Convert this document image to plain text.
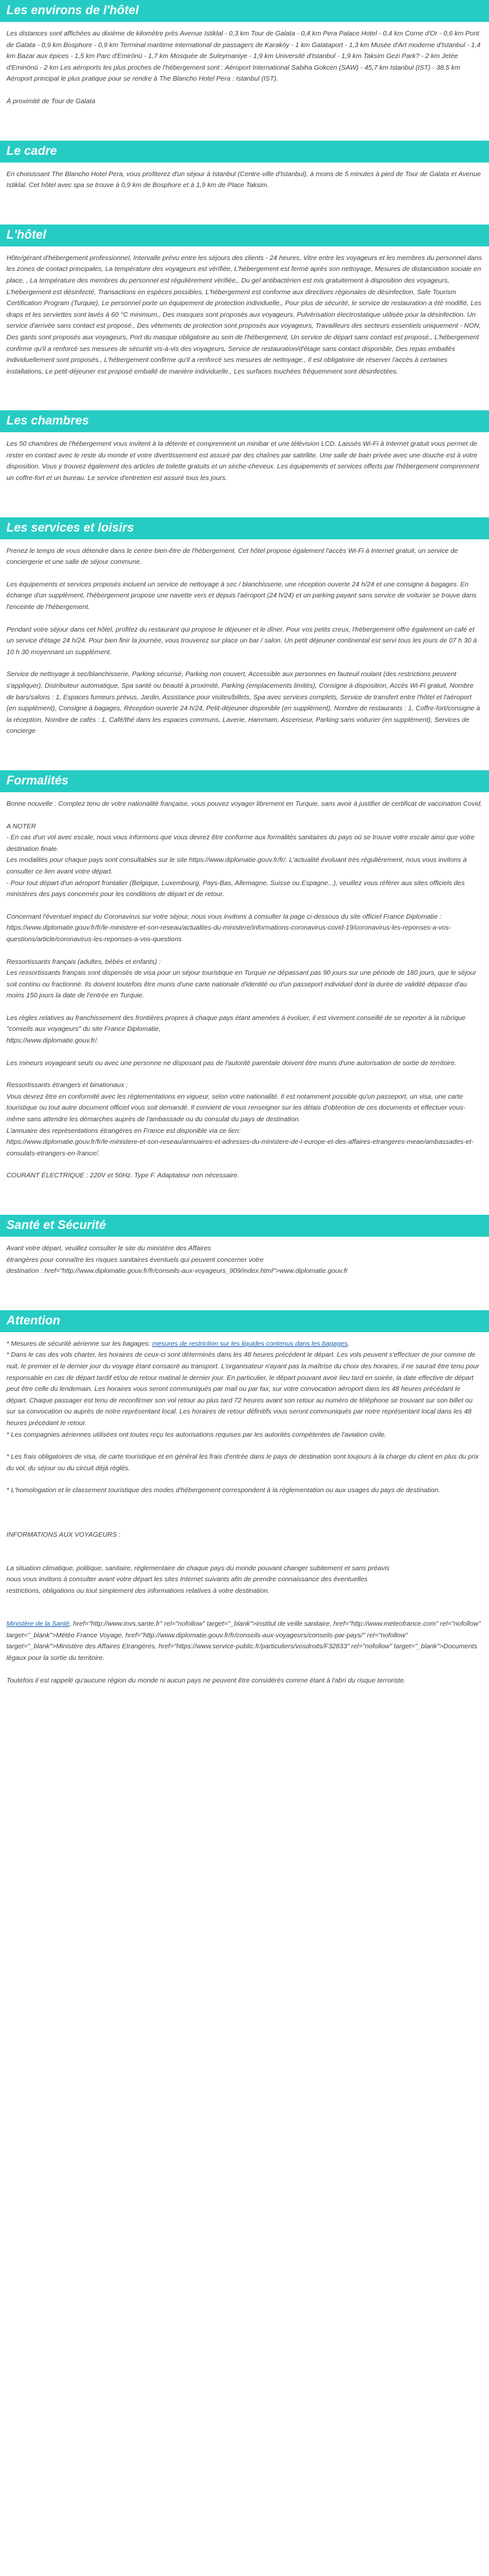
Les environs de l'hôtel

Les distances sont affichées au dixième de kilomètre près Avenue Istiklal - 0,3 km Tour de Galata - 0,4 km Pera Palace Hotel - 0,4 km Corne d'Or - 0,6 km Pont de Galata - 0,9 km Bosphore - 0,9 km Terminal maritime international de passagers de Karaköy - 1 km Galataport - 1,3 km Musée d'Art moderne d'Istanbul - 1,4 km Bazar aux épices - 1,5 km Parc d'Emirönü - 1,7 km Mosquée de Suleymaniye - 1,9 km Université d'Istanbul - 1,9 km Taksim Gezi Park? - 2 km Jetée d'Eminönü - 2 km Les aéroports les plus proches de l'hébergement sont : Aéroport International Sabiha Gokcen (SAW) - 45,7 km Istanbul (IST) - 38,5 km Aéroport principal le plus pratique pour se rendre à The Blancho Hotel Pera : Istanbul (IST).

À proximité de Tour de Galata

Le cadre

En choisissant The Blancho Hotel Pera, vous profiterez d'un séjour à Istanbul (Centre-ville d'Istanbul), à moins de 5 minutes à pied de Tour de Galata et Avenue Istiklal. Cet hôtel avec spa se trouve à 0,9 km de Bosphore et à 1,9 km de Place Taksim.

L'hôtel

Hôte/gérant d'hébergement professionnel, Intervalle prévu entre les séjours des clients - 24 heures, Vitre entre les voyageurs et les membres du personnel dans les zones de contact principales, La température des voyageurs est vérifiée, L'hébergement est fermé après son nettoyage, Mesures de distanciation sociale en place, , La température des membres du personnel est régulièrement vérifiée,, Du gel antibactérien est mis gratuitement à disposition des voyageurs, L'hébergement est désinfecté, Transactions en espèces possibles, L'hébergement est conforme aux directives régionales de désinfection, Safe Tourism Certification Program (Turquie), Le personnel porte un équipement de protection individuelle,, Pour plus de sécurité, le service de restauration a été modifié, Les draps et les serviettes sont lavés à 60 °C minimum,, Des masques sont proposés aux voyageurs, Pulvérisation électrostatique utilisée pour la désinfection. Un service d'arrivée sans contact est proposé., Des vêtements de protection sont proposés aux voyageurs, Travailleurs des secteurs essentiels uniquement - NON, Des gants sont proposés aux voyageurs, Port du masque obligatoire au sein de l'hébergement, Un service de départ sans contact est proposé., L'hébergement confirme qu'il a renforcé ses mesures de sécurité vis-à-vis des voyageurs, Service de restauration/d'étage sans contact disponible, Des repas emballés individuellement sont proposés., L'hébergement confirme qu'il a renforcé ses mesures de nettoyage., Il est obligatoire de réserver l'accès à certaines installations, Le petit-déjeuner est proposé emballé de manière individuelle., Les surfaces touchées fréquemment sont désinfectées.

Les chambres

Les 50 chambres de l'hébergement vous invitent à la détente et comprennent un minibar et une télévision LCD. Laissés Wi-Fi à Internet gratuit vous permet de rester en contact avec le reste du monde et votre divertissement est assuré par des chaînes par satellite. Une salle de bain privée avec une douche est à votre disposition. Vous y trouvez également des articles de toilette gratuits et un sèche-cheveux. Les équipements et services offerts par l'hébergement comprennent un coffre-fort et un bureau. Le service d'entretien est assuré tous les jours.

Les services et loisirs

Prenez le temps de vous détendre dans le centre bien-être de l'hébergement. Cet hôtel propose également l'accès Wi-Fi à Internet gratuit, un service de conciergerie et une salle de séjour commune.

Les équipements et services proposés incluent un service de nettoyage à sec / blanchisserie, une réception ouverte 24 h/24 et une consigne à bagages. En échange d'un supplément, l'hébergement propose une navette vers et depuis l'aéroport (24 h/24) et un parking payant sans service de voiturier se trouve dans l'enceinte de l'hébergement.

Pendant votre séjour dans cet hôtel, profitez du restaurant qui propose le déjeuner et le dîner. Pour vos petits creux, l'hébergement offre également un café et un service d'étage 24 h/24. Pour bien finir la journée, vous trouverez sur place un bar / salon. Un petit déjeuner continental est servi tous les jours de 07 h 30 à 10 h 30 moyennant un supplément.

Service de nettoyage à sec/blanchisserie, Parking sécurisé, Parking non couvert, Accessible aux personnes en fauteuil roulant (des restrictions peuvent s'appliquer), Distributeur automatique, Spa santé ou beauté à proximité, Parking (emplacements limités), Consigne à disposition, Accès Wi-Fi gratuit, Nombre de bars/salons : 1, Espaces fumeurs prévus, Jardin, Assistance pour visites/billets, Spa avec services complets, Service de transfert entre l'hôtel et l'aéroport (en supplément), Consigne à bagages, Réception ouverte 24 h/24, Petit-déjeuner disponible (en supplément), Nombre de restaurants : 1, Coffre-fort/consigne à la réception, Nombre de cafés : 1, Café/thé dans les espaces communs, Laverie, Hammam, Ascenseur, Parking sans voiturier (en supplément), Services de concierge

Formalités

Bonne nouvelle : Comptez tenu de votre nationalité française, vous pouvez voyager librement en Turquie, sans avoir à justifier de certificat de vaccination Covid.

A NOTER
- En cas d'un vol avec escale, nous vous informons que vous devrez être conforme aux formalités sanitaires du pays où se trouve votre escale ainsi que votre destination finale.
Les modalités pour chaque pays sont consultables sur le site https://www.diplomatie.gouv.fr/fr/. L'actualité évoluant très régulièrement, nous vous invitons à consulter ce lien avant votre départ.
- Pour tout départ d'un aéroport frontalier (Belgique, Luxembourg, Pays-Bas, Allemagne, Suisse ou Espagne...), veuillez vous référer aux sites officiels des ministères des pays concernés pour les conditions de départ et de retour.

Concernant l'éventuel impact du Coronavirus sur votre séjour, nous vous invitons à consulter la page ci-dessous du site officiel France Diplomatie :
https://www.diplomatie.gouv.fr/fr/le-ministere-et-son-reseau/actualites-du-ministere/informations-coronavirus-covid-19/coronavirus-les-reponses-a-vos-questions/article/coronavirus-les-reponses-a-vos-questions

Ressortissants français (adultes, bébés et enfants) :
Les ressortissants français sont dispensés de visa pour un séjour touristique en Turquie ne dépassant pas 90 jours sur une période de 180 jours, que le séjour soit continu ou fractionné. Ils doivent toutefois être munis d'une carte nationale d'identité ou d'un passeport individuel dont la durée de validité dépasse d'au moins 150 jours la date de l'entrée en Turquie.

Les règles relatives au franchissement des frontières propres à chaque pays étant amenées à évoluer, il est vivement conseillé de se reporter à la rubrique "conseils aux voyageurs" du site France Diplomatie,
https://www.diplomatie.gouv.fr/.

Les mineurs voyageant seuls ou avec une personne ne disposant pas de l'autorité parentale doivent être munis d'une autorisation de sortie de territoire.

Ressortissants étrangers et binationaux :
Vous devrez être en conformité avec les réglementations en vigueur, selon votre nationalité. Il est notamment possible qu'un passeport, un visa, une carte touristique ou tout autre document officiel vous soit demandé. Il convient de vous renseigner sur les délais d'obtention de ces documents et effectuer vous-même sans attendre les démarches auprès de l'ambassade ou du consulat du pays de destination.
L'annuaire des représentations étrangères en France est disponible via ce lien:
https://www.diplomatie.gouv.fr/fr/le-ministere-et-son-reseau/annuaires-et-adresses-du-ministere-de-l-europe-et-des-affaires-etrangeres-meae/ambassades-et-consulats-etrangers-en-france/.

COURANT ÉLECTRIQUE : 220V et 50Hz. Type F. Adaptateur non nécessaire.

Santé et Sécurité

Avant votre départ, veuillez consulter le site du ministère des Affaires
étrangères pour connaître les risques sanitaires éventuels qui peuvent concerner votre
destination : href="http://www.diplomatie.gouv.fr/fr/conseils-aux-voyageurs_909/index.html">www.diplomatie.gouv.fr

Attention

* Mesures de sécurité aérienne sur les bagages: mesures de restriction sur les liquides contenus dans les bagages.
* Dans le cas des vols charter, les horaires de ceux-ci sont déterminés dans les 48 heures précédent le départ. Les vols peuvent s'effectuer de jour comme de nuit, le premier et le dernier jour du voyage étant consacré au transport. L'organisateur n'ayant pas la maîtrise du choix des horaires, il ne saurait être tenu pour responsable en cas de départ tardif et/ou de retour matinal le dernier jour. En particulier, le départ pouvant avoir lieu tard en soirée, la date effective de départ peut être celle du lendemain. Les horaires vous seront communiqués par mail ou par fax, sur votre convocation aéroport dans les 48 heures précédant le départ. Chaque passager est tenu de reconfirmer son vol retour au plus tard 72 heures avant son retour au numéro de téléphone se trouvant sur son billet ou sur sa convocation ou auprès de notre représentant local. Les horaires de retour définitifs vous seront communiqués par notre représentant local dans les 48 heures précédant le retour.
* Les compagnies aériennes utilisées ont toutes reçu les autorisations requises par les autorités compétentes de l'aviation civile.

* Les frais obligatoires de visa, de carte touristique et en général les frais d'entrée dans le pays de destination sont toujours à la charge du client en plus du prix du vol, du séjour ou du circuit déjà réglés.

* L'homologation et le classement touristique des modes d'hébergement correspondent à la réglementation ou aux usages du pays de destination.

INFORMATIONS AUX VOYAGEURS :

La situation climatique, politique, sanitaire, réglementaire de chaque pays du monde pouvant changer subitement et sans préavis
nous vous invitons à consulter avant votre départ les sites Internet suivants afin de prendre connaissance des éventuelles
restrictions, obligations ou tout simplement des informations relatives à votre destination.

Ministère de la Santé, href="http://www.invs.sante.fr" rel="nofollow" target="_blank">Institut de veille sanitaire, href="http://www.meteofrance.com" rel="nofollow" target="_blank">Météo France Voyage, href="http://www.diplomatie.gouv.fr/fr/conseils-aux-voyageurs/conseils-par-pays/" rel="nofollow" target="_blank">Ministère des Affaires Etrangères, href="https://www.service-public.fr/particuliers/vosdroits/F32833" rel="nofollow" target="_blank">Documents légaux pour la sortie du territoire.

Toutefois il est rappelé qu'aucune région du monde ni aucun pays ne peuvent être considérés comme étant à l'abri du risque terroriste.
